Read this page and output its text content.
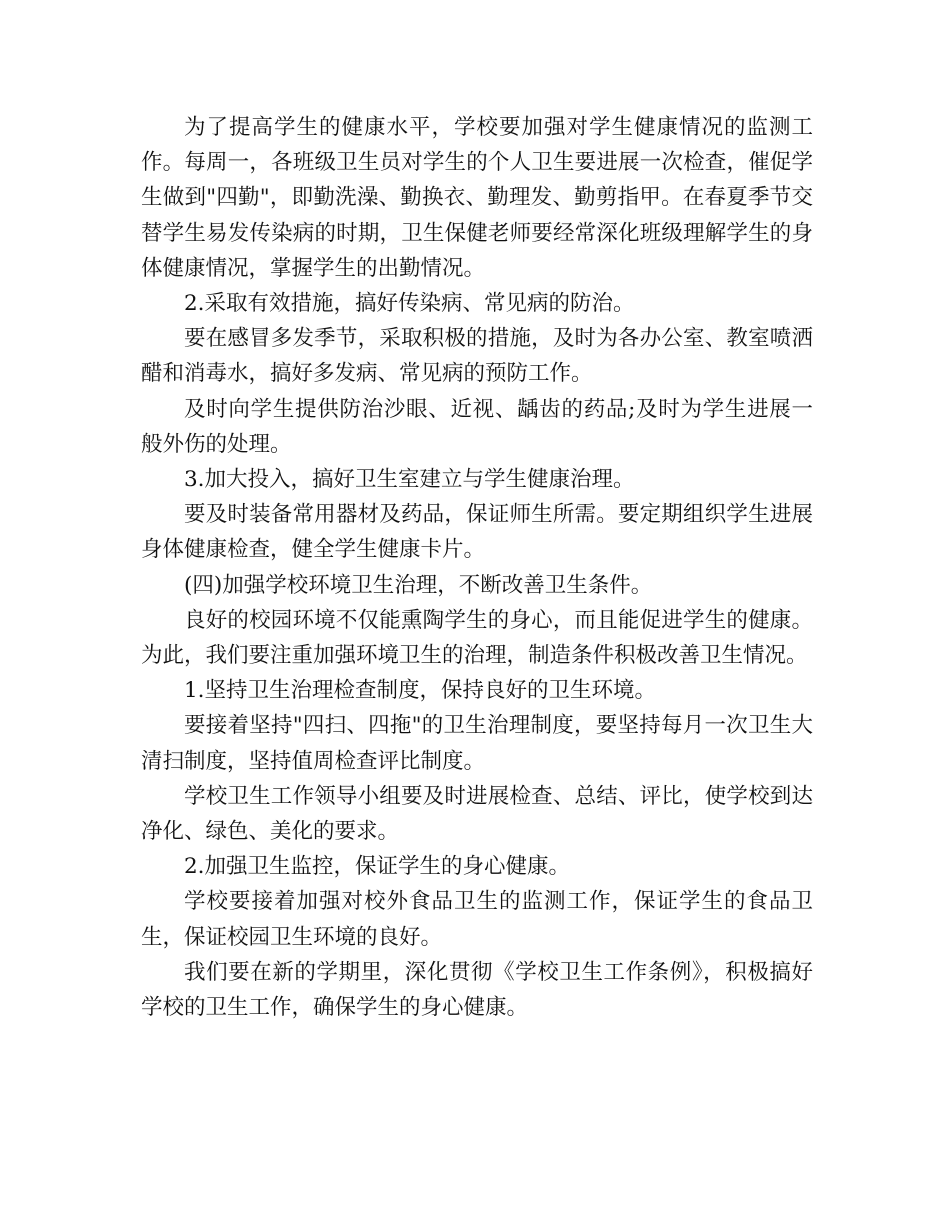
为了提高学生的健康水平，学校要加强对学生健康情况的监测工作。每周一，各班级卫生员对学生的个人卫生要进展一次检查，催促学生做到"四勤"，即勤洗澡、勤换衣、勤理发、勤剪指甲。在春夏季节交替学生易发传染病的时期，卫生保健老师要经常深化班级理解学生的身体健康情况，掌握学生的出勤情况。

2.采取有效措施，搞好传染病、常见病的防治。

要在感冒多发季节，采取积极的措施，及时为各办公室、教室喷洒醋和消毒水，搞好多发病、常见病的预防工作。

及时向学生提供防治沙眼、近视、龋齿的药品;及时为学生进展一般外伤的处理。

3.加大投入，搞好卫生室建立与学生健康治理。

要及时装备常用器材及药品，保证师生所需。要定期组织学生进展身体健康检查，健全学生健康卡片。

(四)加强学校环境卫生治理，不断改善卫生条件。

良好的校园环境不仅能熏陶学生的身心，而且能促进学生的健康。为此，我们要注重加强环境卫生的治理，制造条件积极改善卫生情况。

1.坚持卫生治理检查制度，保持良好的卫生环境。

要接着坚持"四扫、四拖"的卫生治理制度，要坚持每月一次卫生大清扫制度，坚持值周检查评比制度。

学校卫生工作领导小组要及时进展检查、总结、评比，使学校到达净化、绿色、美化的要求。

2.加强卫生监控，保证学生的身心健康。

学校要接着加强对校外食品卫生的监测工作，保证学生的食品卫生，保证校园卫生环境的良好。

我们要在新的学期里，深化贯彻《学校卫生工作条例》，积极搞好学校的卫生工作，确保学生的身心健康。
